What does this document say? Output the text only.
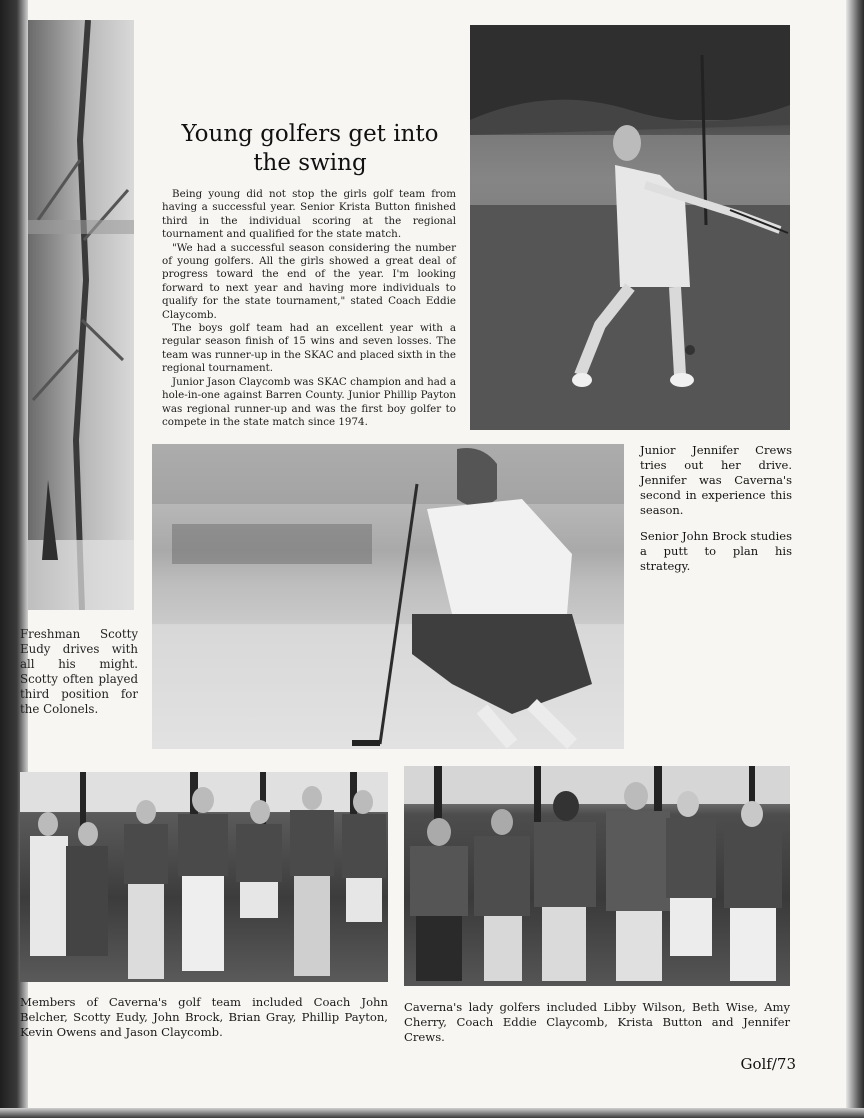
Young golfers get into the swing

Being young did not stop the girls golf team from having a successful year. Senior Krista Button finished third in the individual scoring at the regional tournament and qualified for the state match.

"We had a successful season considering the number of young golfers. All the girls showed a great deal of progress toward the end of the year. I'm looking forward to next year and having more individuals to qualify for the state tournament," stated Coach Eddie Claycomb.

The boys golf team had an excellent year with a regular season finish of 15 wins and seven losses. The team was runner-up in the SKAC and placed sixth in the regional tournament.

Junior Jason Claycomb was SKAC champion and had a hole-in-one against Barren County. Junior Phillip Payton was regional runner-up and was the first boy golfer to compete in the state match since 1974.

Junior Jennifer Crews tries out her drive. Jennifer was Caverna's second in experience this season.

Senior John Brock studies a putt to plan his strategy.

Freshman Scotty Eudy drives with all his might. Scotty often played third position for the Colonels.
Members of Caverna's golf team included Coach John Belcher, Scotty Eudy, John Brock, Brian Gray, Phillip Payton, Kevin Owens and Jason Claycomb.
Caverna's lady golfers included Libby Wilson, Beth Wise, Amy Cherry, Coach Eddie Claycomb, Krista Button and Jennifer Crews.
Golf/73
